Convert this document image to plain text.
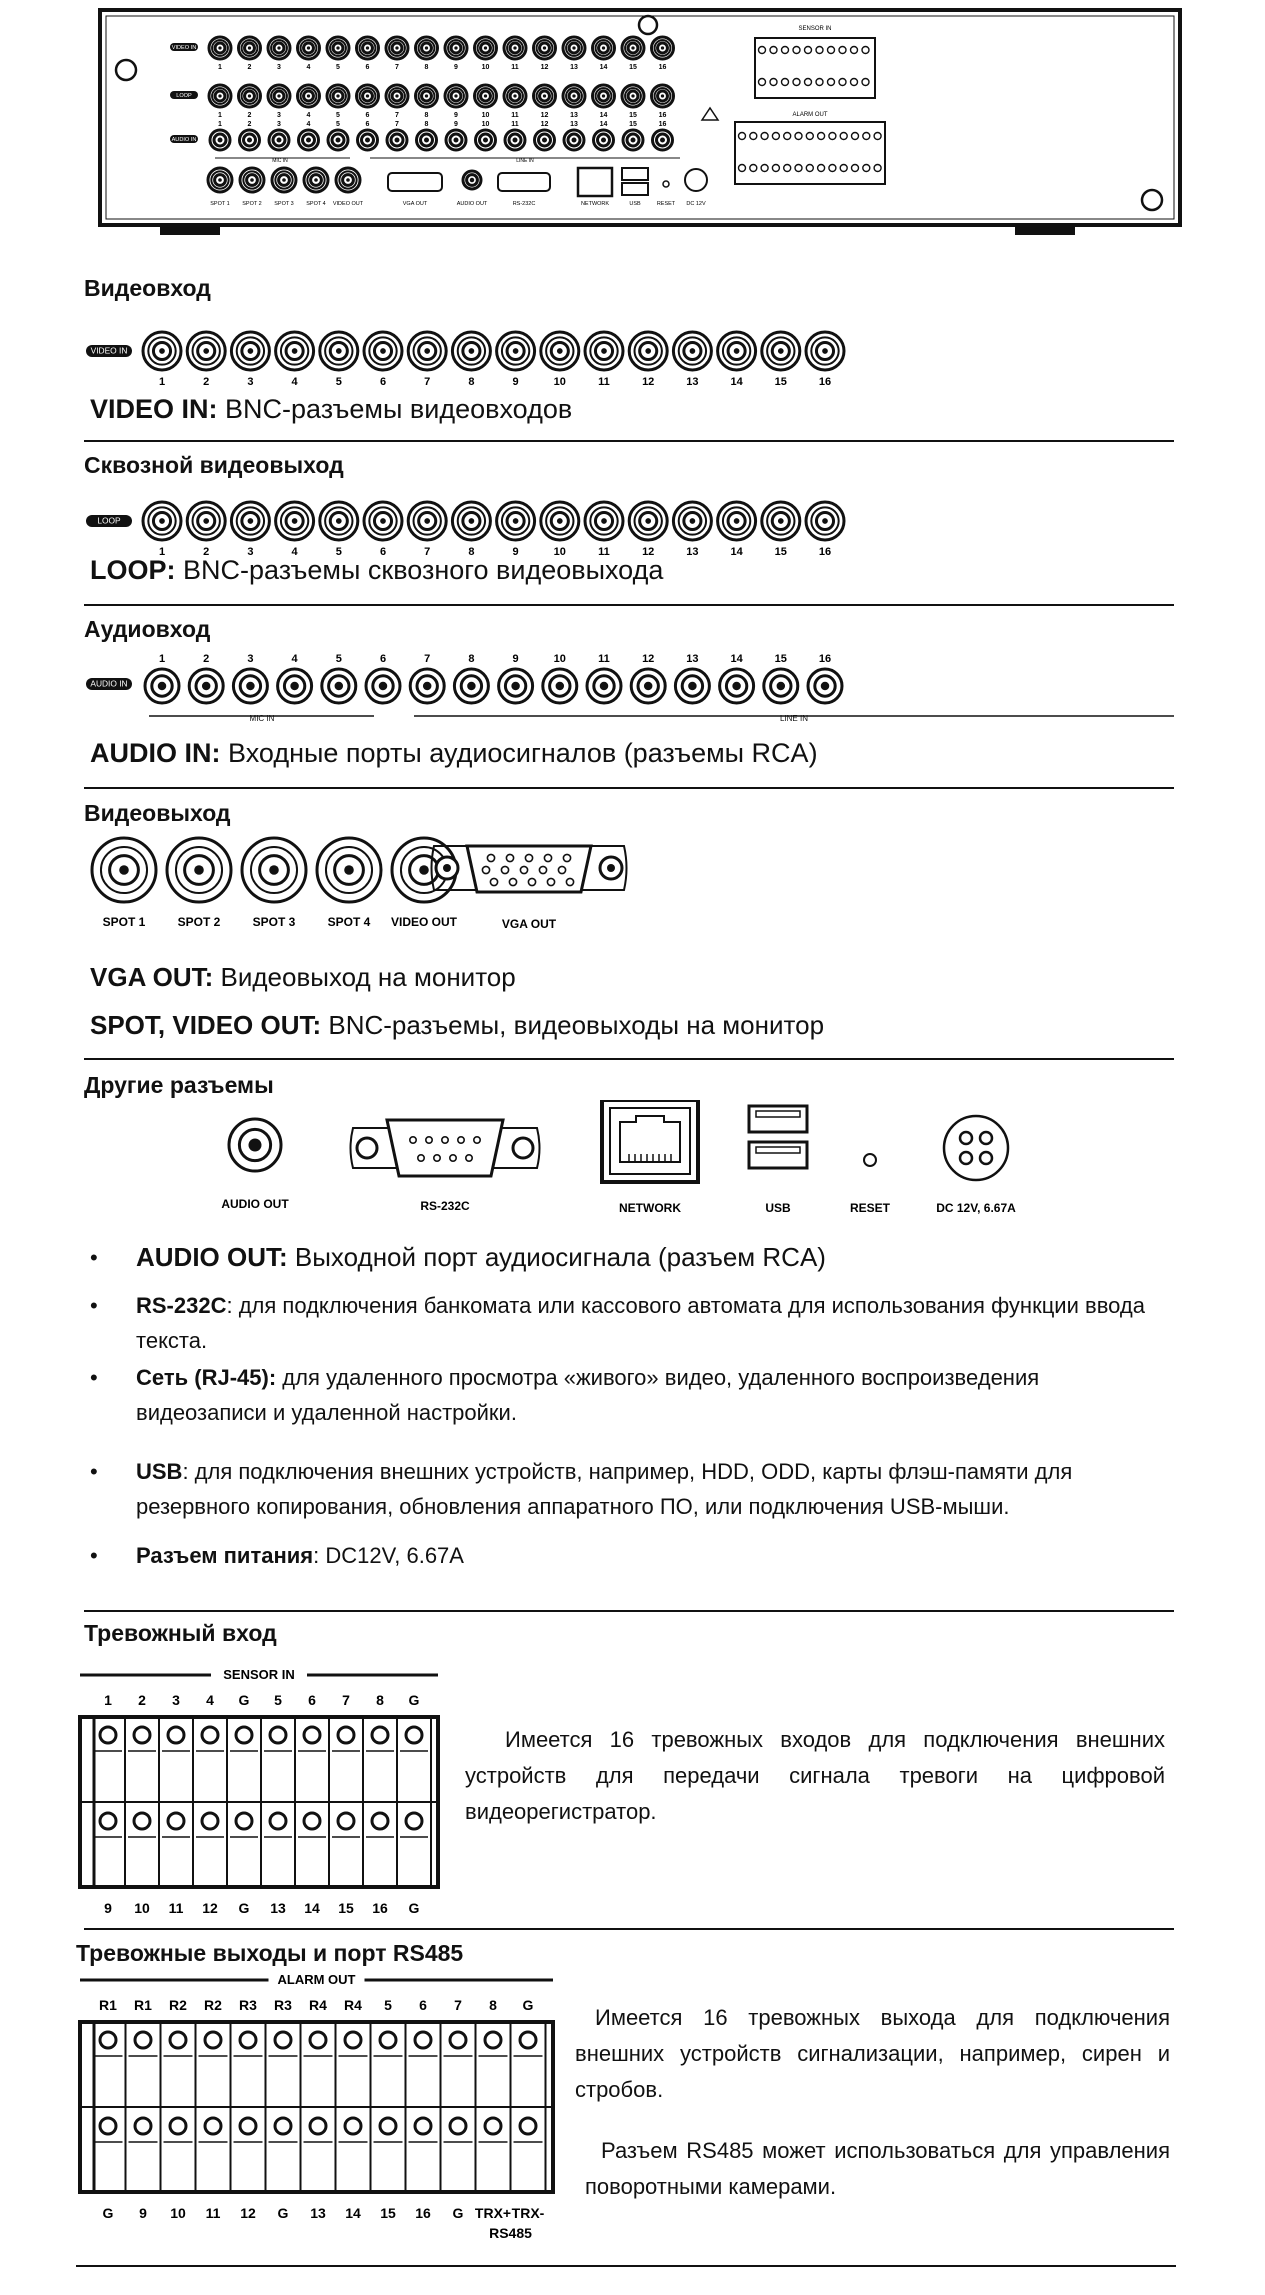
VIDEO IN
1	2	3	4	5	6	7	8	9	10	11	12	13	14	15	16
LOOP
1	2	3	4	5	6	7	8	9	10	11	12	13	14	15	16
AUDIO IN
1	2	3	4	5	6	7	8	9	10	11	12	13	14	15	16
MIC IN	LINE IN
SPOT 1 SPOT 2 SPOT 3 SPOT 4 VIDEO OUT	VGA OUT	AUDIO OUT	RS-232C	NETWORK	USB	RESET DC 12V
SENSOR IN
ALARM OUT
Видеовход
VIDEO IN
1	2	3	4	5	6	7	8	9	10	11	12	13	14	15	16
VIDEO IN: BNC-разъемы видеовходов
Сквозной видеовыход
LOOP
1	2	3	4	5	6	7	8	9	10	11	12	13	14	15	16
LOOP: BNC-разъемы сквозного видеовыхода
Аудиовход
AUDIO IN
1	2	3	4	5	6	7	8	9	10	11	12	13	14	15	16
MIC IN	LINE IN
AUDIO IN: Входные порты аудиосигналов (разъемы RCA)
Видеовыход
SPOT 1	SPOT 2	SPOT 3	SPOT 4 VIDEO OUT	VGA OUT
VGA OUT: Видеовыход на монитор
SPOT, VIDEO OUT: BNC-разъемы, видеовыходы на монитор
Другие разъемы
AUDIO OUT	RS-232C	NETWORK	USB	RESET	DC 12V, 6.67A
• AUDIO OUT: Выходной порт аудиосигнала (разъем RCA)
• RS-232C: для подключения банкомата или кассового автомата для использования функции ввода текста.
• Сеть (RJ-45): для удаленного просмотра «живого» видео, удаленного воспроизведения видеозаписи и удаленной настройки.
• USB: для подключения внешних устройств, например, HDD, ODD, карты флэш-памяти для резервного копирования, обновления аппаратного ПО, или подключения USB-мыши.
• Разъем питания: DC12V, 6.67A
Тревожный вход
SENSOR IN
1 2 3 4 G 5 6 7 8 G
9 10 11 12 G 13 14 15 16 G
Имеется 16 тревожных входов для подключения внешних устройств для передачи сигнала тревоги на цифровой видеорегистратор.
Тревожные выходы и порт RS485
ALARM OUT
R1 R1 R2 R2 R3 R3 R4 R4 5 6 7 8 G
G 9 10 11 12 G 13 14 15 16 G TRX+ TRX-
RS485
Имеется 16 тревожных выхода для подключения внешних устройств сигнализации, например, сирен и стробов.
Разъем RS485 может использоваться для управления поворотными камерами.
